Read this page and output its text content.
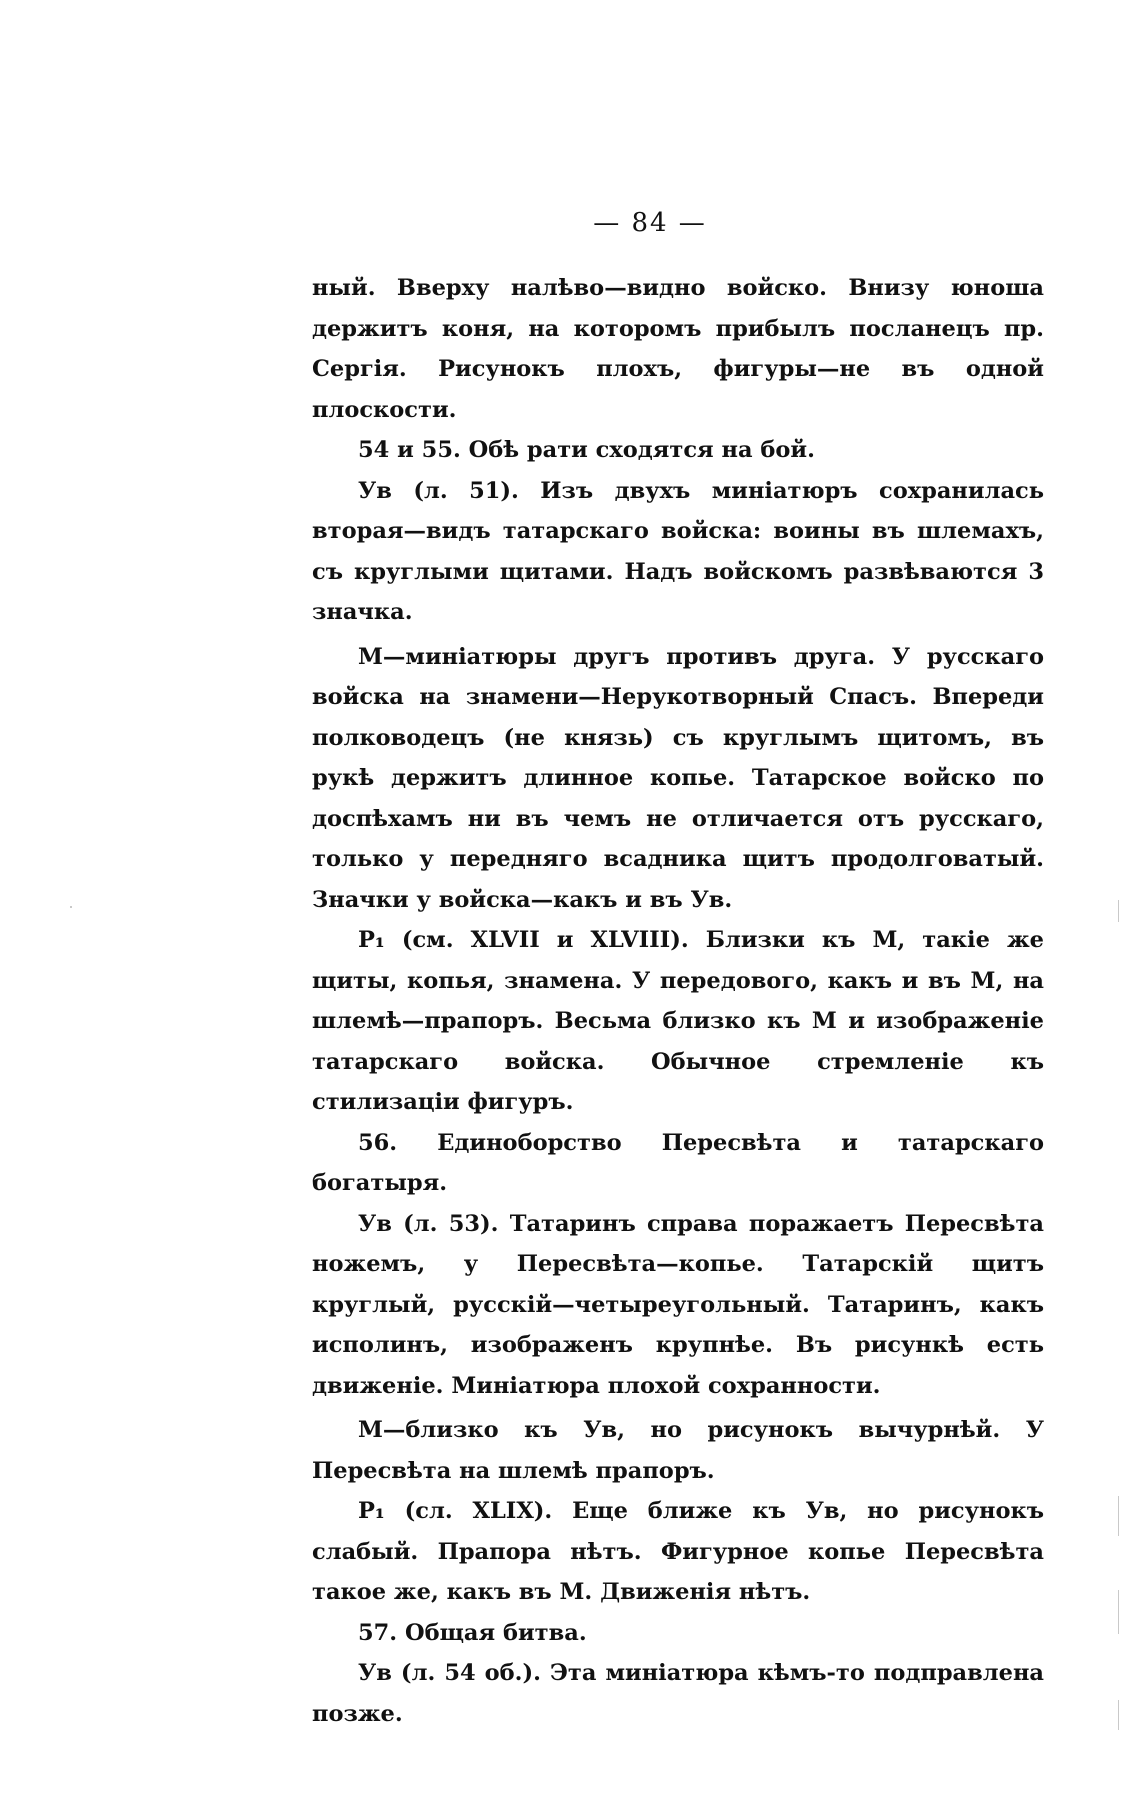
— 84 —

ный. Вверху налѣво—видно войско. Внизу юноша держитъ коня, на которомъ прибылъ посланецъ пр. Сергія. Рисунокъ плохъ, фигуры—не въ одной плоскости.

54 и 55. Обѣ рати сходятся на бой.

Ув (л. 51). Изъ двухъ миніатюръ сохранилась вторая—видъ татарскаго войска: воины въ шлемахъ, съ круглыми щитами. Надъ войскомъ развѣваются 3 значка.

М—миніатюры другъ противъ друга. У русскаго войска на знамени—Нерукотворный Спасъ. Впереди полководецъ (не князь) съ круглымъ щитомъ, въ рукѣ держитъ длинное копье. Татарское войско по доспѣхамъ ни въ чемъ не отличается отъ русскаго, только у передняго всадника щитъ продолговатый. Значки у войска—какъ и въ Ув.

Р₁ (см. XLVII и XLVIII). Близки къ М, такіе же щиты, копья, знамена. У передового, какъ и въ М, на шлемѣ—прапоръ. Весьма близко къ М и изображеніе татарскаго войска. Обычное стремленіе къ стилизаціи фигуръ.

56. Единоборство Пересвѣта и татарскаго богатыря.

Ув (л. 53). Татаринъ справа поражаетъ Пересвѣта ножемъ, у Пересвѣта—копье. Татарскій щитъ круглый, русскій—четыреугольный. Татаринъ, какъ исполинъ, изображенъ крупнѣе. Въ рисункѣ есть движеніе. Миніатюра плохой сохранности.

М—близко къ Ув, но рисунокъ вычурнѣй. У Пересвѣта на шлемѣ прапоръ.

Р₁ (сл. XLIX). Еще ближе къ Ув, но рисунокъ слабый. Прапора нѣтъ. Фигурное копье Пересвѣта такое же, какъ въ М. Движенія нѣтъ.

57. Общая битва.

Ув (л. 54 об.). Эта миніатюра кѣмъ-то подправлена позже.
